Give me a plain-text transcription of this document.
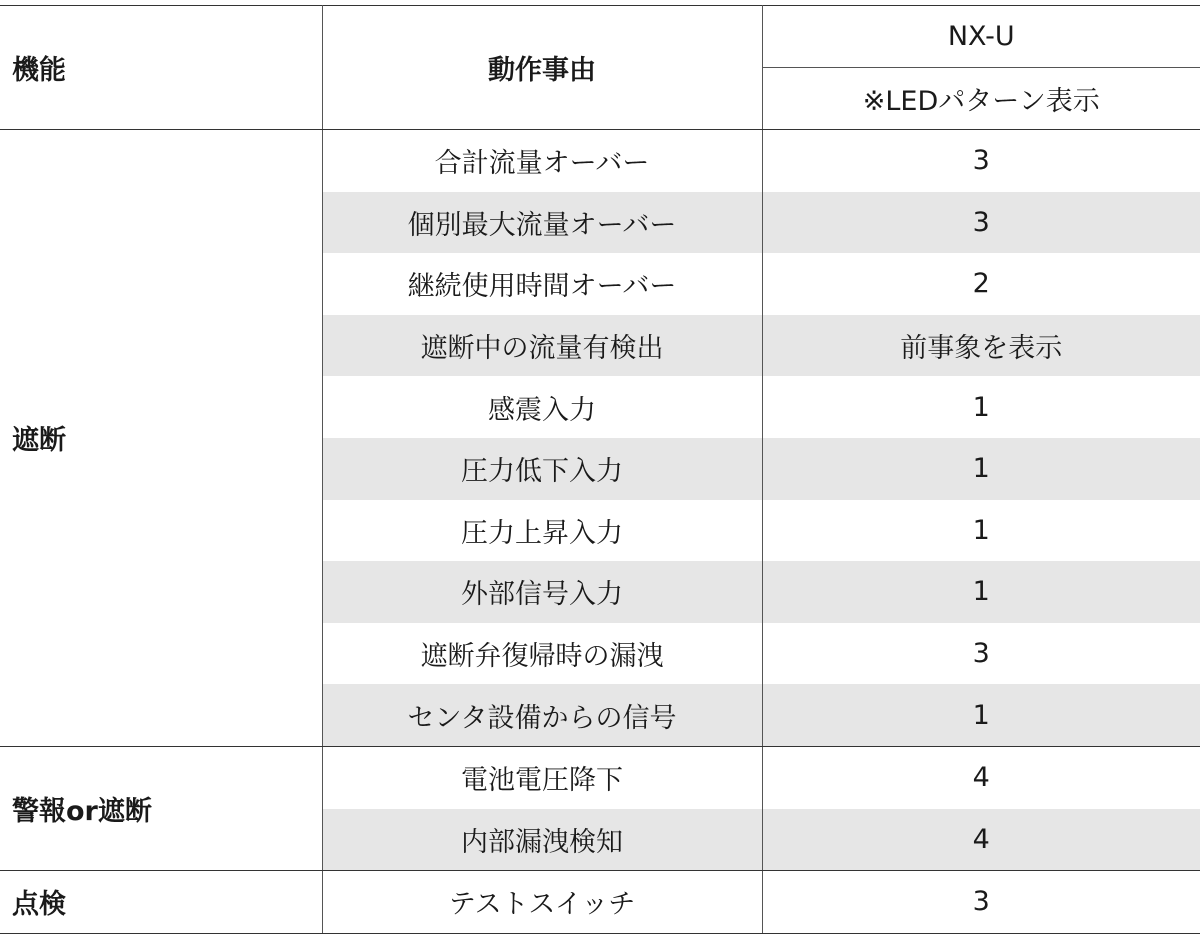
機能	動作事由	NX-U
		※LEDパターン表示
遮断	合計流量オーバー	3
	個別最大流量オーバー	3
	継続使用時間オーバー	2
	遮断中の流量有検出	前事象を表示
	感震入力	1
	圧力低下入力	1
	圧力上昇入力	1
	外部信号入力	1
	遮断弁復帰時の漏洩	3
	センタ設備からの信号	1
警報or遮断	電池電圧降下	4
	内部漏洩検知	4
点検	テストスイッチ	3
